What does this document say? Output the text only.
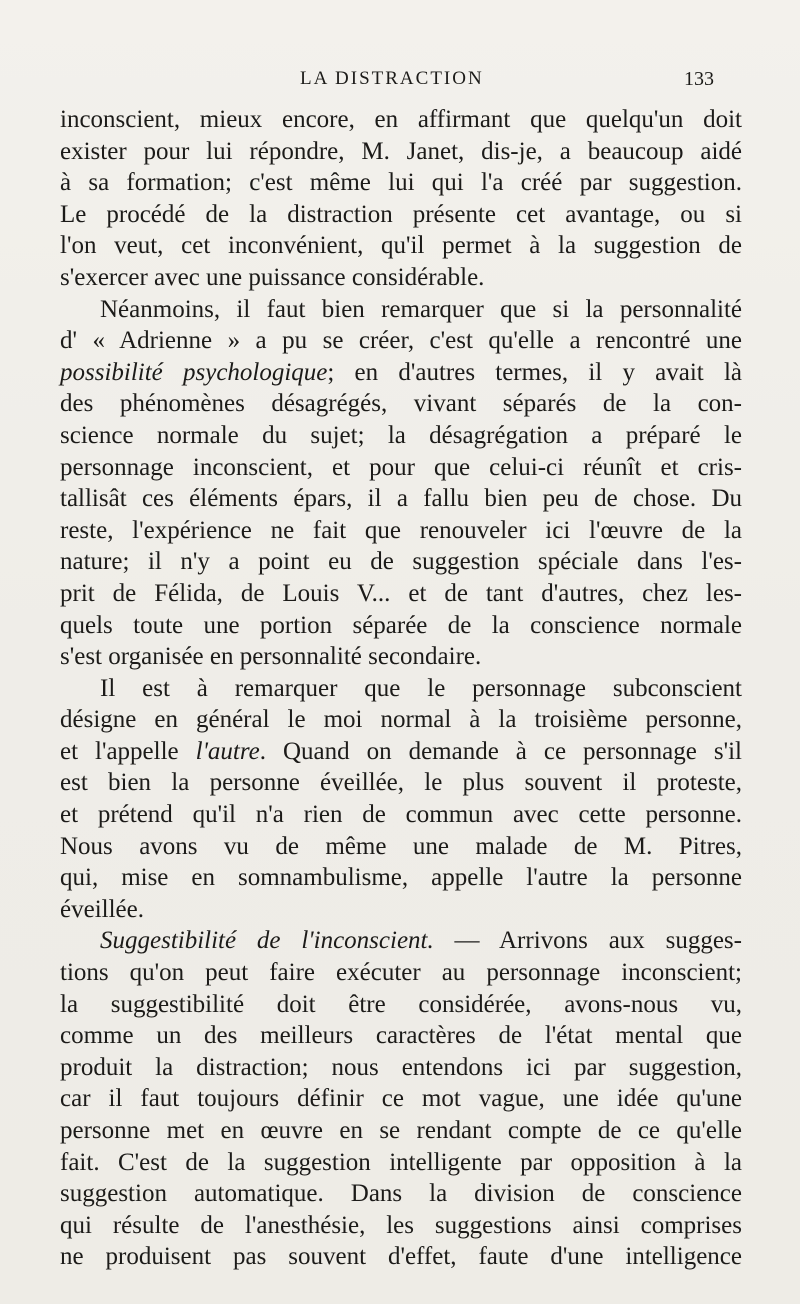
LA DISTRACTION	133
inconscient, mieux encore, en affirmant que quelqu'un doit
exister pour lui répondre, M. Janet, dis-je, a beaucoup aidé
à sa formation; c'est même lui qui l'a créé par suggestion.
Le procédé de la distraction présente cet avantage, ou si
l'on veut, cet inconvénient, qu'il permet à la suggestion de
s'exercer avec une puissance considérable.
Néanmoins, il faut bien remarquer que si la personnalité
d' « Adrienne » a pu se créer, c'est qu'elle a rencontré une
possibilité psychologique; en d'autres termes, il y avait là
des phénomènes désagrégés, vivant séparés de la con-
science normale du sujet; la désagrégation a préparé le
personnage inconscient, et pour que celui-ci réunît et cris-
tallisât ces éléments épars, il a fallu bien peu de chose. Du
reste, l'expérience ne fait que renouveler ici l'œuvre de la
nature; il n'y a point eu de suggestion spéciale dans l'es-
prit de Félida, de Louis V... et de tant d'autres, chez les-
quels toute une portion séparée de la conscience normale
s'est organisée en personnalité secondaire.
Il est à remarquer que le personnage subconscient
désigne en général le moi normal à la troisième personne,
et l'appelle l'autre. Quand on demande à ce personnage s'il
est bien la personne éveillée, le plus souvent il proteste,
et prétend qu'il n'a rien de commun avec cette personne.
Nous avons vu de même une malade de M. Pitres,
qui, mise en somnambulisme, appelle l'autre la personne
éveillée.
Suggestibilité de l'inconscient. — Arrivons aux sugges-
tions qu'on peut faire exécuter au personnage inconscient;
la suggestibilité doit être considérée, avons-nous vu,
comme un des meilleurs caractères de l'état mental que
produit la distraction; nous entendons ici par suggestion,
car il faut toujours définir ce mot vague, une idée qu'une
personne met en œuvre en se rendant compte de ce qu'elle
fait. C'est de la suggestion intelligente par opposition à la
suggestion automatique. Dans la division de conscience
qui résulte de l'anesthésie, les suggestions ainsi comprises
ne produisent pas souvent d'effet, faute d'une intelligence
